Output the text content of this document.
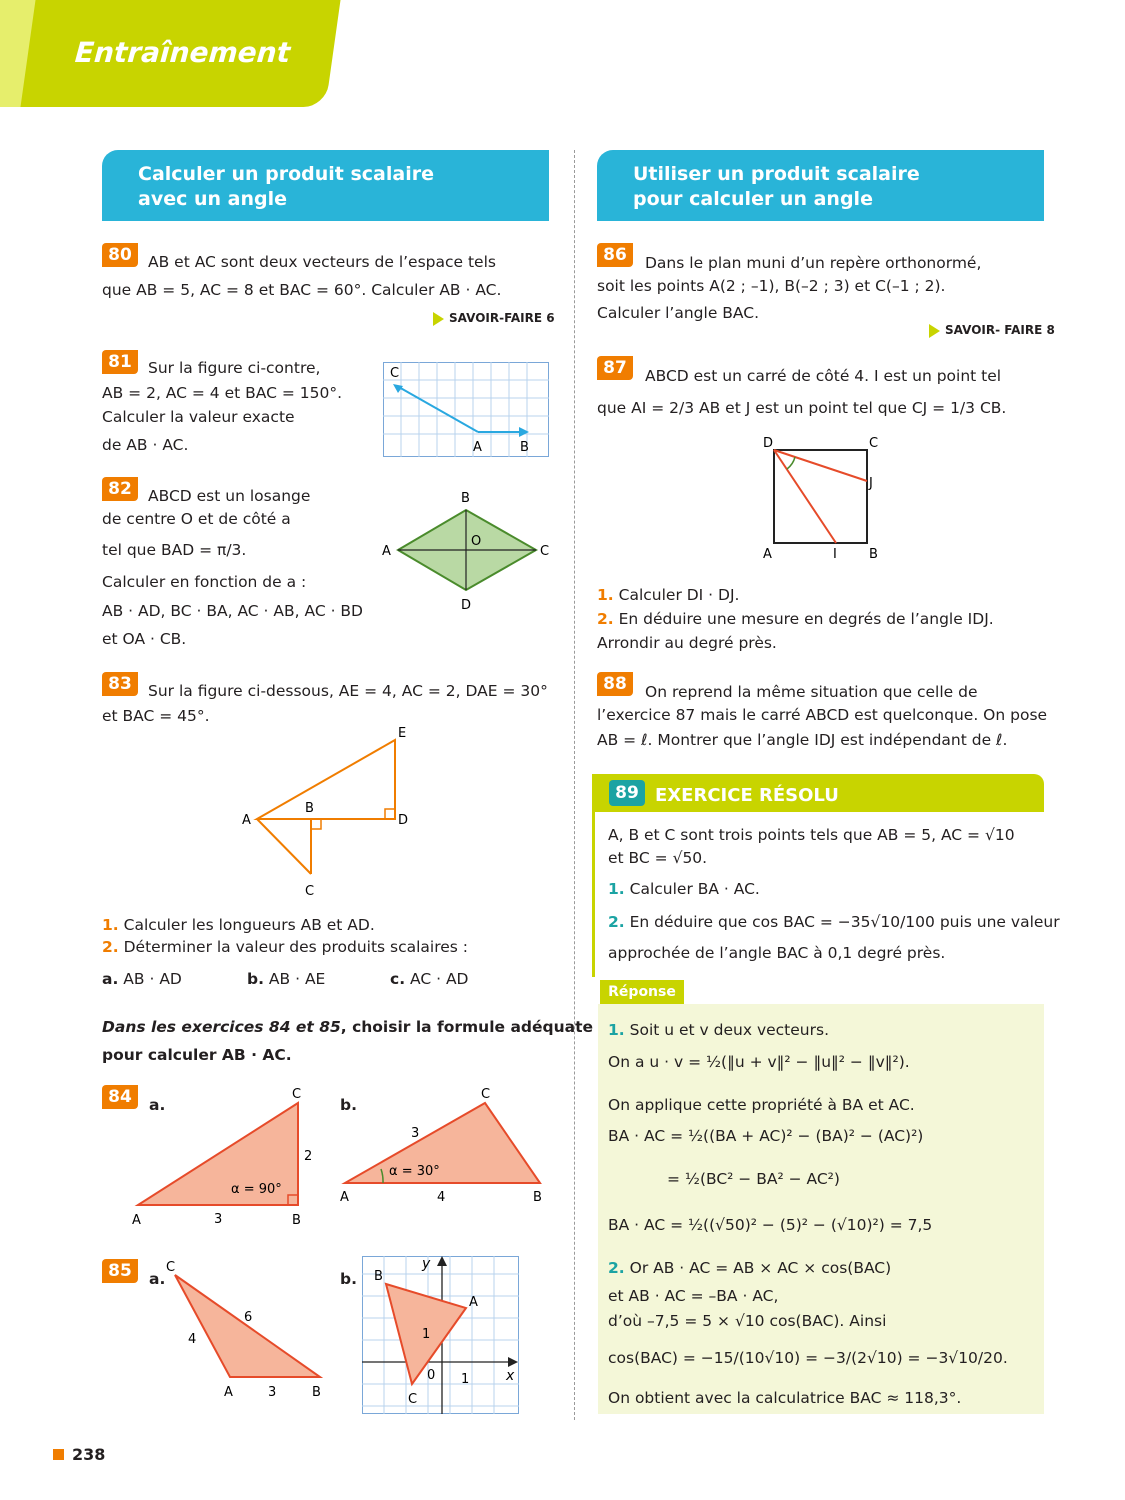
Entraînement
Calculer un produit scalaire
avec un angle
Utiliser un produit scalaire
pour calculer un angle
80	AB et AC sont deux vecteurs de l’espace tels
que AB = 5, AC = 8 et BAC = 60°. Calculer AB · AC.
SAVOIR-FAIRE 6
81	Sur la figure ci-contre,
AB = 2, AC = 4 et BAC = 150°.
Calculer la valeur exacte
de AB · AC.
C
A	B
82	ABCD est un losange
de centre O et de côté a
tel que BAD = π/3.
Calculer en fonction de a :
AB · AD, BC · BA, AC · AB, AC · BD
et OA · CB.
A
B
C
D
O
83	Sur la figure ci-dessous, AE = 4, AC = 2, DAE = 30°
et BAC = 45°.
A
B
C
D
E
1. Calculer les longueurs AB et AD.
2. Déterminer la valeur des produits scalaires :
a. AB · AD	b. AB · AE	c. AC · AD
Dans les exercices 84 et 85, choisir la formule adéquate
pour calculer AB · AC.
84	a.	b.
A	B
C
3
2
α = 90°
A	B
C
4
3
α = 30°
85	a.	b.
C
A	B
3
4
6
B
A
C
x
y
0 1
1
86	Dans le plan muni d’un repère orthonormé,
soit les points A(2 ; –1), B(–2 ; 3) et C(–1 ; 2).
Calculer l’angle BAC.
SAVOIR- FAIRE 8
87	ABCD est un carré de côté 4. I est un point tel
que AI = 2/3 AB et J est un point tel que CJ = 1/3 CB.
D	C
J
A	I B
1. Calculer DI · DJ.
2. En déduire une mesure en degrés de l’angle IDJ.
Arrondir au degré près.
88	On reprend la même situation que celle de
l’exercice 87 mais le carré ABCD est quelconque. On pose
AB = ℓ. Montrer que l’angle IDJ est indépendant de ℓ.
89 EXERCICE RÉSOLU
A, B et C sont trois points tels que AB = 5, AC = √10
et BC = √50.
1. Calculer BA · AC.
2. En déduire que cos BAC = −35√10/100 puis une valeur
approchée de l’angle BAC à 0,1 degré près.
Réponse
1. Soit u et v deux vecteurs.
On a u · v = ½(‖u + v‖² − ‖u‖² − ‖v‖²).
On applique cette propriété à BA et AC.
BA · AC = ½((BA + AC)² − (BA)² − (AC)²)
= ½(BC² − BA² − AC²)
BA · AC = ½((√50)² − (5)² − (√10)²) = 7,5
2. Or AB · AC = AB × AC × cos(BAC)
et AB · AC = –BA · AC,
d’où –7,5 = 5 × √10 cos(BAC). Ainsi
cos(BAC) = −15/(10√10) = −3/(2√10) = −3√10/20.
On obtient avec la calculatrice BAC ≈ 118,3°.
238
